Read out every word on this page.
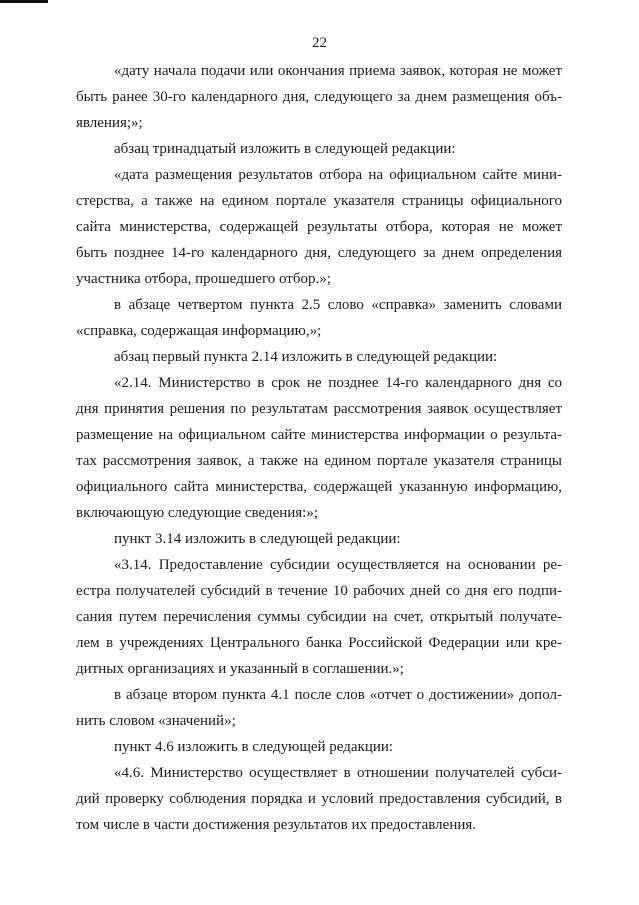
22
«дату начала подачи или окончания приема заявок, которая не может
быть ранее 30-го календарного дня, следующего за днем размещения объ-
явления;»;
абзац тринадцатый изложить в следующей редакции:
«дата размещения результатов отбора на официальном сайте мини-
стерства, а также на едином портале указателя страницы официального
сайта министерства, содержащей результаты отбора, которая не может
быть позднее 14-го календарного дня, следующего за днем определения
участника отбора, прошедшего отбор.»;
в абзаце четвертом пункта 2.5 слово «справка» заменить словами
«справка, содержащая информацию,»;
абзац первый пункта 2.14 изложить в следующей редакции:
«2.14. Министерство в срок не позднее 14-го календарного дня со
дня принятия решения по результатам рассмотрения заявок осуществляет
размещение на официальном сайте министерства информации о результа-
тах рассмотрения заявок, а также на едином портале указателя страницы
официального сайта министерства, содержащей указанную информацию,
включающую следующие сведения:»;
пункт 3.14 изложить в следующей редакции:
«3.14. Предоставление субсидии осуществляется на основании ре-
естра получателей субсидий в течение 10 рабочих дней со дня его подпи-
сания путем перечисления суммы субсидии на счет, открытый получате-
лем в учреждениях Центрального банка Российской Федерации или кре-
дитных организациях и указанный в соглашении.»;
в абзаце втором пункта 4.1 после слов «отчет о достижении» допол-
нить словом «значений»;
пункт 4.6 изложить в следующей редакции:
«4.6. Министерство осуществляет в отношении получателей субси-
дий проверку соблюдения порядка и условий предоставления субсидий, в
том числе в части достижения результатов их предоставления.
